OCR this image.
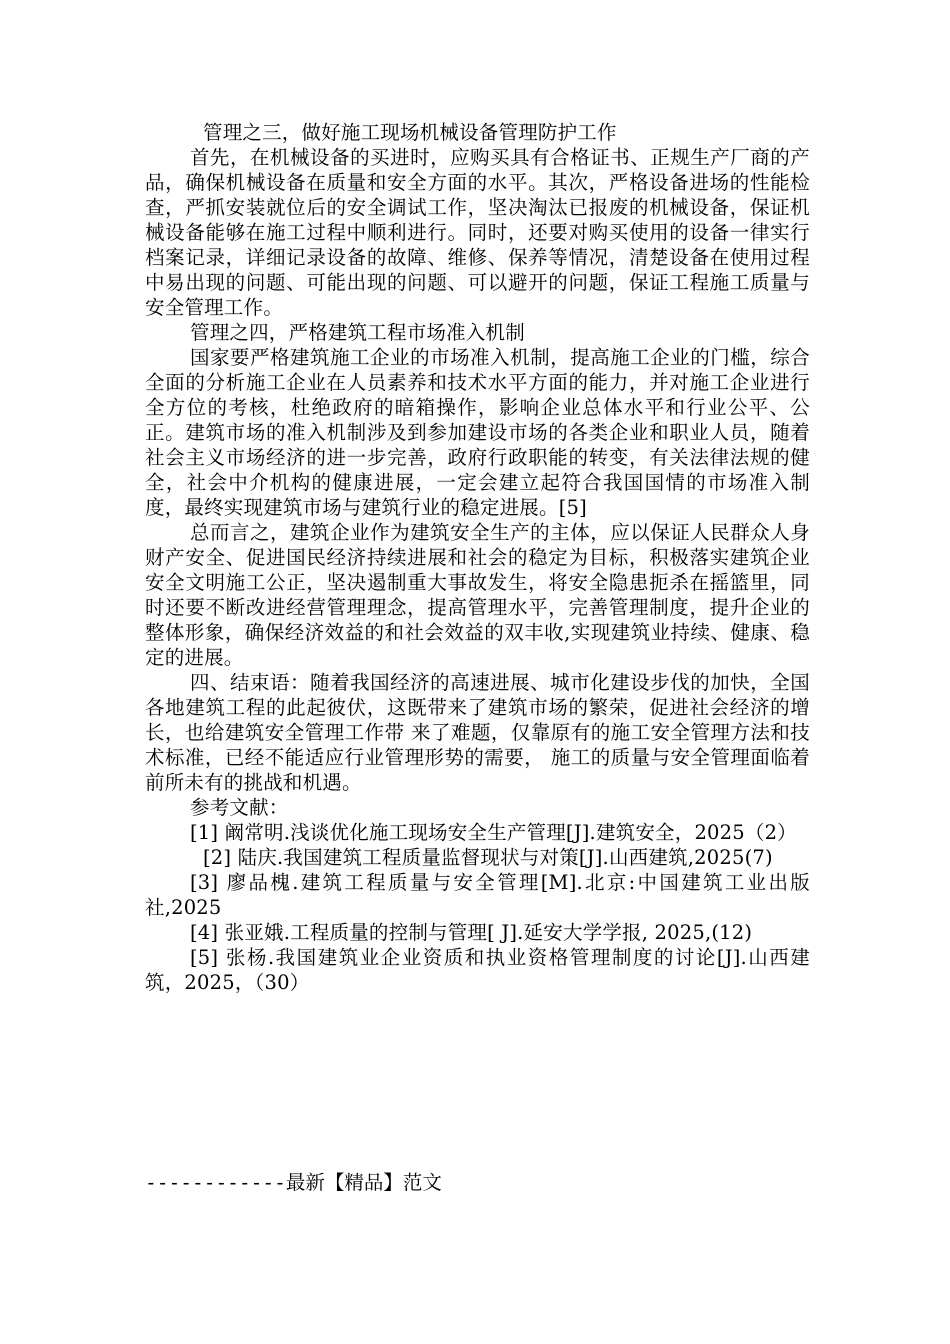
管理之三，做好施工现场机械设备管理防护工作

首先，在机械设备的买进时，应购买具有合格证书、正规生产厂商的产品，确保机械设备在质量和安全方面的水平。其次，严格设备进场的性能检查，严抓安装就位后的安全调试工作，坚决淘汰已报废的机械设备，保证机械设备能够在施工过程中顺利进行。同时，还要对购买使用的设备一律实行档案记录，详细记录设备的故障、维修、保养等情况，清楚设备在使用过程中易出现的问题、可能出现的问题、可以避开的问题，保证工程施工质量与安全管理工作。

管理之四，严格建筑工程市场准入机制

国家要严格建筑施工企业的市场准入机制，提高施工企业的门槛，综合全面的分析施工企业在人员素养和技术水平方面的能力，并对施工企业进行全方位的考核，杜绝政府的暗箱操作，影响企业总体水平和行业公平、公正。建筑市场的准入机制涉及到参加建设市场的各类企业和职业人员，随着社会主义市场经济的进一步完善，政府行政职能的转变，有关法律法规的健全，社会中介机构的健康进展，一定会建立起符合我国国情的市场准入制度，最终实现建筑市场与建筑行业的稳定进展。[5]

总而言之，建筑企业作为建筑安全生产的主体，应以保证人民群众人身财产安全、促进国民经济持续进展和社会的稳定为目标，积极落实建筑企业安全文明施工公正，坚决遏制重大事故发生，将安全隐患扼杀在摇篮里，同时还要不断改进经营管理理念，提高管理水平，完善管理制度，提升企业的整体形象，确保经济效益的和社会效益的双丰收,实现建筑业持续、健康、稳定的进展。

四、结束语：随着我国经济的高速进展、城市化建设步伐的加快，全国各地建筑工程的此起彼伏，这既带来了建筑市场的繁荣，促进社会经济的增长，也给建筑安全管理工作带 来了难题，仅靠原有的施工安全管理方法和技术标准，已经不能适应行业管理形势的需要， 施工的质量与安全管理面临着前所未有的挑战和机遇。

参考文献：

[1] 阚常明.浅谈优化施工现场安全生产管理[J].建筑安全，2025（2）

[2] 陆庆.我国建筑工程质量监督现状与对策[J].山西建筑,2025(7)

[3] 廖品槐.建筑工程质量与安全管理[M].北京:中国建筑工业出版社,2025

[4] 张亚娥.工程质量的控制与管理[ J].延安大学学报, 2025,(12)

[5] 张杨.我国建筑业企业资质和执业资格管理制度的讨论[J].山西建筑，2025，（30）

------------最新【精品】范文
